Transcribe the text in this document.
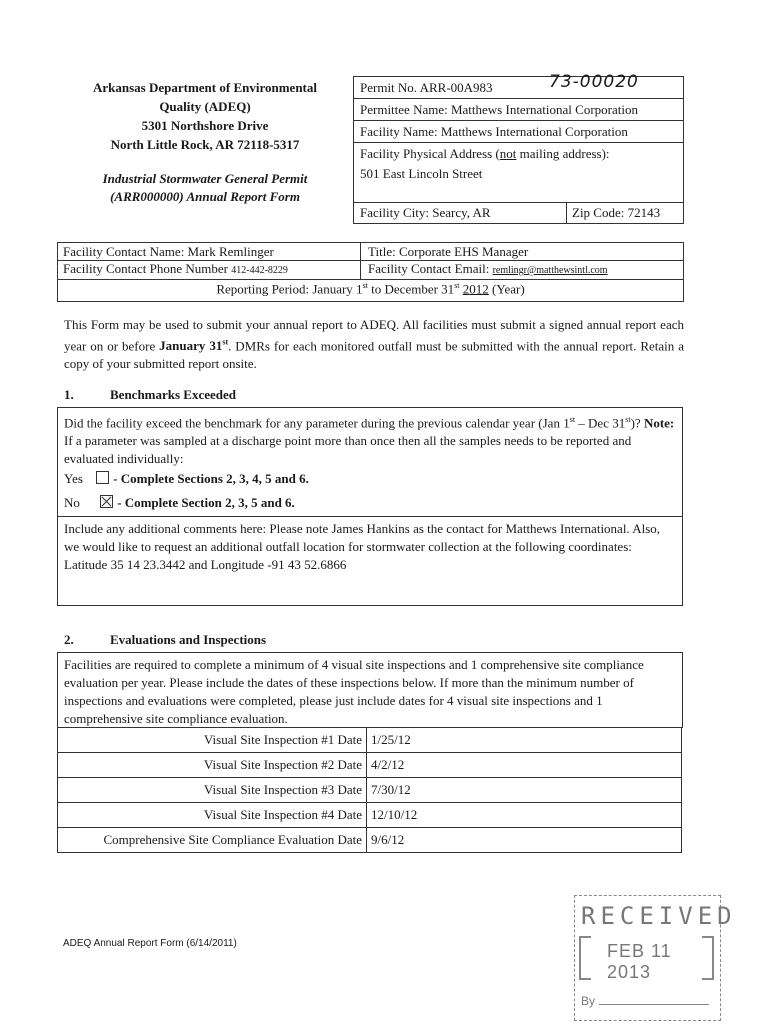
Arkansas Department of Environmental
Quality (ADEQ)
5301 Northshore Drive
North Little Rock, AR 72118-5317
Industrial Stormwater General Permit
(ARR000000) Annual Report Form
Permit No. ARR-00A983	73-00020
Permittee Name: Matthews International Corporation
Facility Name: Matthews International Corporation
Facility Physical Address (not mailing address):
501 East Lincoln Street
Facility City: Searcy, AR	Zip Code: 72143
Facility Contact Name: Mark Remlinger	Title: Corporate EHS Manager
Facility Contact Phone Number 412-442-8229	Facility Contact Email: remlingr@matthewsintl.com
Reporting Period: January 1st to December 31st 2012 (Year)
This Form may be used to submit your annual report to ADEQ. All facilities must submit a signed annual report each year on or before January 31st. DMRs for each monitored outfall must be submitted with the annual report. Retain a copy of your submitted report onsite.
1.	Benchmarks Exceeded
Did the facility exceed the benchmark for any parameter during the previous calendar year (Jan 1st – Dec 31st)? Note: If a parameter was sampled at a discharge point more than once then all the samples needs to be reported and evaluated individually:
Yes - Complete Sections 2, 3, 4, 5 and 6.
No	- Complete Section 2, 3, 5 and 6.
Include any additional comments here: Please note James Hankins as the contact for Matthews International. Also, we would like to request an additional outfall location for stormwater collection at the following coordinates: Latitude 35 14 23.3442 and Longitude -91 43 52.6866
2.	Evaluations and Inspections
Facilities are required to complete a minimum of 4 visual site inspections and 1 comprehensive site compliance evaluation per year. Please include the dates of these inspections below. If more than the minimum number of inspections and evaluations were completed, please just include dates for 4 visual site inspections and 1 comprehensive site compliance evaluation.
Visual Site Inspection #1 Date	1/25/12
Visual Site Inspection #2 Date	4/2/12
Visual Site Inspection #3 Date	7/30/12
Visual Site Inspection #4 Date	12/10/12
Comprehensive Site Compliance Evaluation Date	9/6/12
ADEQ Annual Report Form (6/14/2011)
RECEIVED
FEB 11 2013
By
